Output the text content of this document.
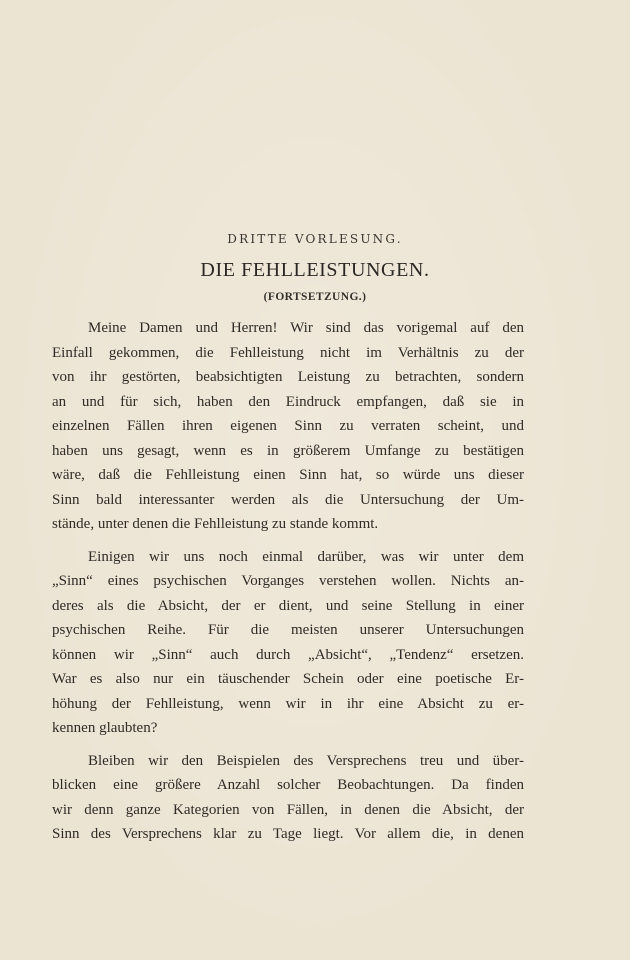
DRITTE VORLESUNG.
DIE FEHLLEISTUNGEN.
(FORTSETZUNG.)
Meine Damen und Herren! Wir sind das vorigemal auf den
Einfall gekommen, die Fehlleistung nicht im Verhältnis zu der
von ihr gestörten, beabsichtigten Leistung zu betrachten, sondern
an und für sich, haben den Eindruck empfangen, daß sie in
einzelnen Fällen ihren eigenen Sinn zu verraten scheint, und
haben uns gesagt, wenn es in größerem Umfange zu bestätigen
wäre, daß die Fehlleistung einen Sinn hat, so würde uns dieser
Sinn bald interessanter werden als die Untersuchung der Um-
stände, unter denen die Fehlleistung zu stande kommt.
Einigen wir uns noch einmal darüber, was wir unter dem
„Sinn“ eines psychischen Vorganges verstehen wollen. Nichts an-
deres als die Absicht, der er dient, und seine Stellung in einer
psychischen Reihe. Für die meisten unserer Untersuchungen
können wir „Sinn“ auch durch „Absicht“, „Tendenz“ ersetzen.
War es also nur ein täuschender Schein oder eine poetische Er-
höhung der Fehlleistung, wenn wir in ihr eine Absicht zu er-
kennen glaubten?
Bleiben wir den Beispielen des Versprechens treu und über-
blicken eine größere Anzahl solcher Beobachtungen. Da finden
wir denn ganze Kategorien von Fällen, in denen die Absicht, der
Sinn des Versprechens klar zu Tage liegt. Vor allem die, in denen
